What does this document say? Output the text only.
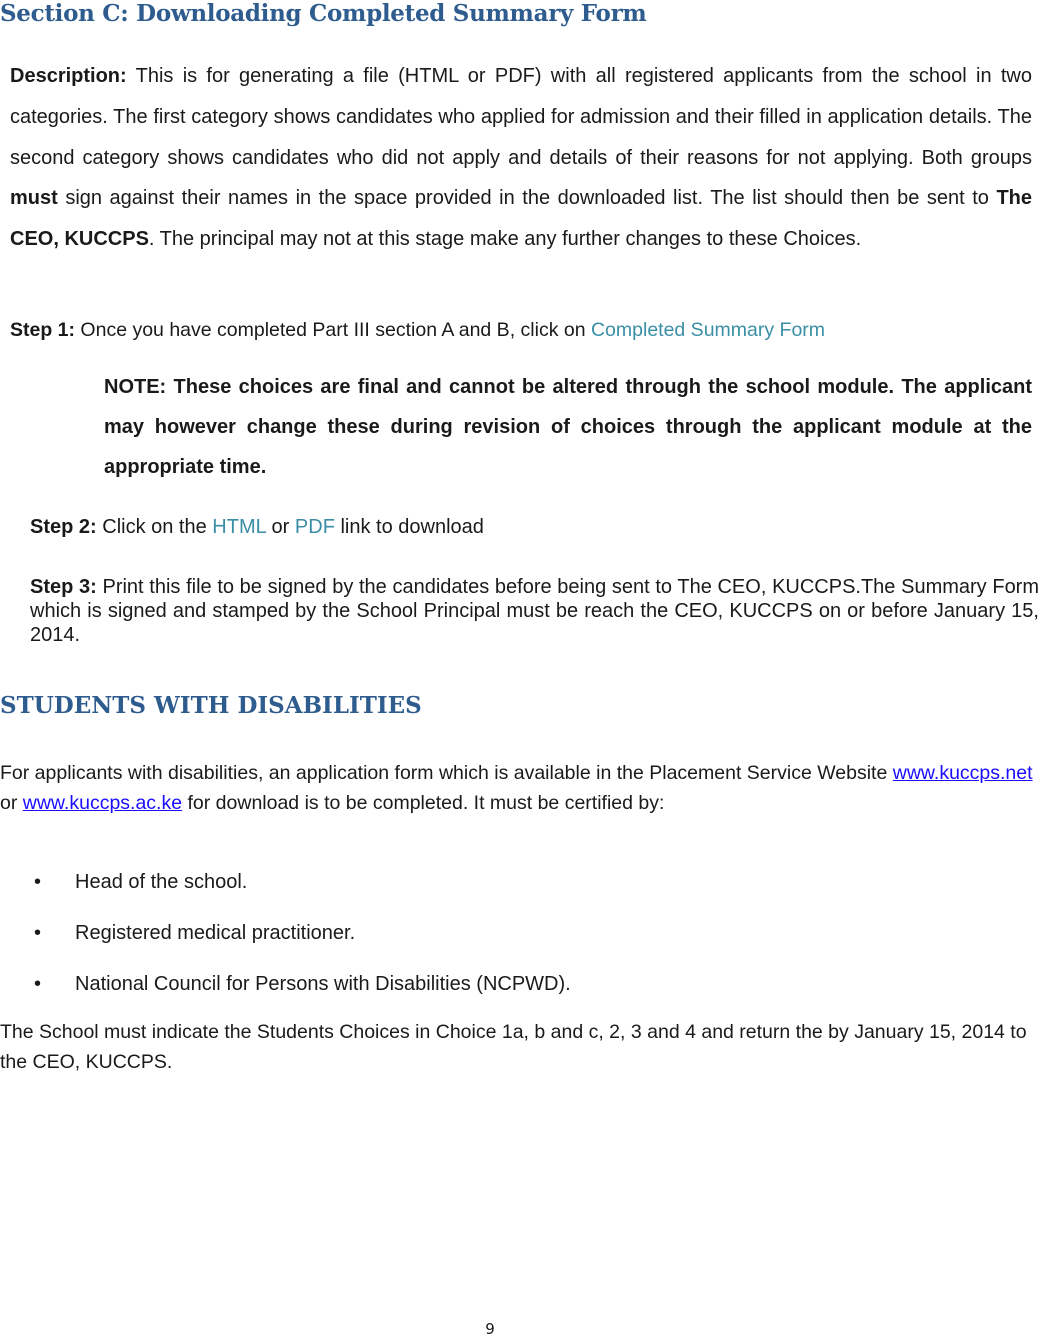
Section C: Downloading Completed Summary Form

Description: This is for generating a file (HTML or PDF) with all registered applicants from the school in two categories. The first category shows candidates who applied for admission and their filled in application details. The second category shows candidates who did not apply and details of their reasons for not applying. Both groups must sign against their names in the space provided in the downloaded list. The list should then be sent to The CEO, KUCCPS. The principal may not at this stage make any further changes to these Choices.

Step 1: Once you have completed Part III section A and B, click on Completed Summary Form

NOTE: These choices are final and cannot be altered through the school module. The applicant may however change these during revision of choices through the applicant module at the appropriate time.

Step 2: Click on the HTML or PDF link to download

Step 3: Print this file to be signed by the candidates before being sent to The CEO, KUCCPS.The Summary Form which is signed and stamped by the School Principal must be reach the CEO, KUCCPS on or before January 15, 2014.

STUDENTS WITH DISABILITIES

For applicants with disabilities, an application form which is available in the Placement Service Website www.kuccps.net or www.kuccps.ac.ke for download is to be completed. It must be certified by:

• Head of the school.
• Registered medical practitioner.
• National Council for Persons with Disabilities (NCPWD).

The School must indicate the Students Choices in Choice 1a, b and c, 2, 3 and 4 and return the by January 15, 2014 to the CEO, KUCCPS.

9
